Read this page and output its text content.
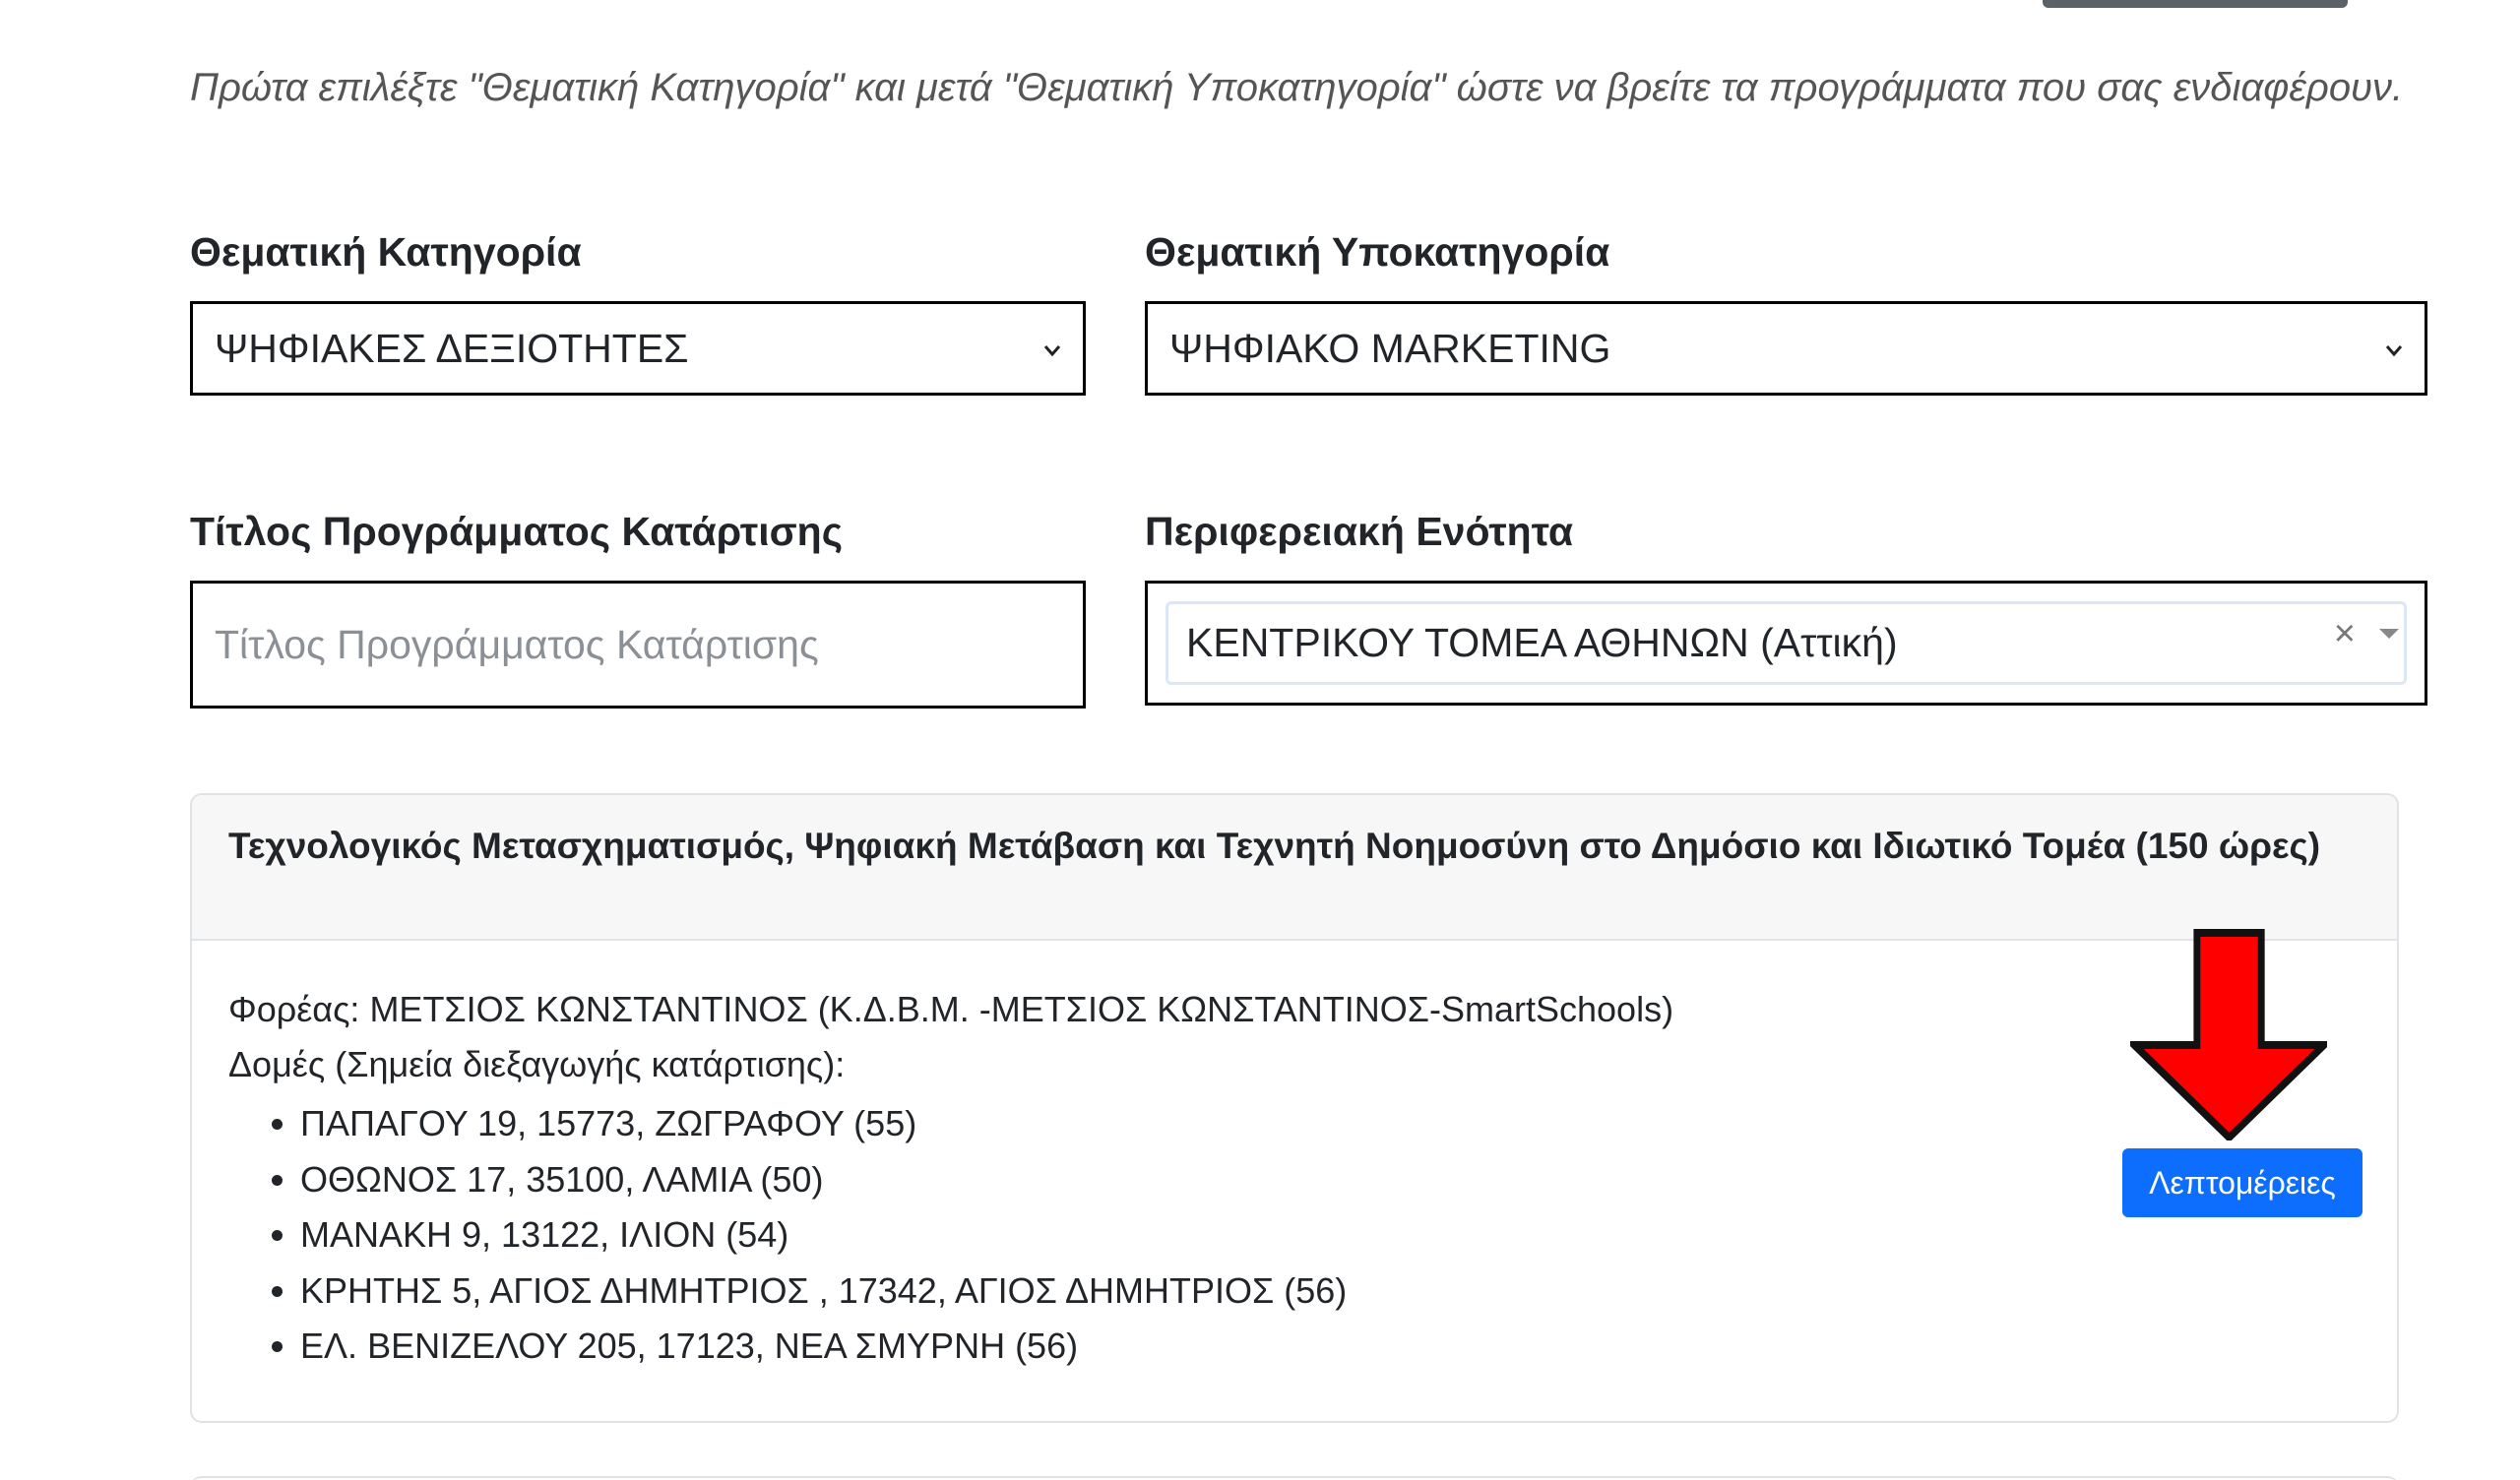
Πρώτα επιλέξτε "Θεματική Κατηγορία" και μετά "Θεματική Υποκατηγορία" ώστε να βρείτε τα προγράμματα που σας ενδιαφέρουν.

Θεματική Κατηγορία

ΨΗΦΙΑΚΕΣ ΔΕΞΙΟΤΗΤΕΣ

Θεματική Υποκατηγορία

ΨΗΦΙΑΚΟ MARKETING

Τίτλος Προγράμματος Κατάρτισης

Τίτλος Προγράμματος Κατάρτισης	Περιφερειακή Ενότητα

ΚΕΝΤΡΙΚΟΥ ΤΟΜΕΑ ΑΘΗΝΩΝ (Αττική)	×
Τεχνολογικός Μετασχηματισμός, Ψηφιακή Μετάβαση και Τεχνητή Νοημοσύνη στο Δημόσιο και Ιδιωτικό Τομέα (150 ώρες)

Φορέας: ΜΕΤΣΙΟΣ ΚΩΝΣΤΑΝΤΙΝΟΣ (Κ.Δ.Β.Μ. -ΜΕΤΣΙΟΣ ΚΩΝΣΤΑΝΤΙΝΟΣ-SmartSchools)

Δομές (Σημεία διεξαγωγής κατάρτισης):

• ΠΑΠΑΓΟΥ 19, 15773, ΖΩΓΡΑΦΟΥ (55)
• ΟΘΩΝΟΣ 17, 35100, ΛΑΜΙΑ (50)
• ΜΑΝΑΚΗ 9, 13122, ΙΛΙΟΝ (54)
• ΚΡΗΤΗΣ 5, ΑΓΙΟΣ ΔΗΜΗΤΡΙΟΣ , 17342, ΑΓΙΟΣ ΔΗΜΗΤΡΙΟΣ (56)
• ΕΛ. ΒΕΝΙΖΕΛΟΥ 205, 17123, ΝΕΑ ΣΜΥΡΝΗ (56)
Λεπτομέρειες
